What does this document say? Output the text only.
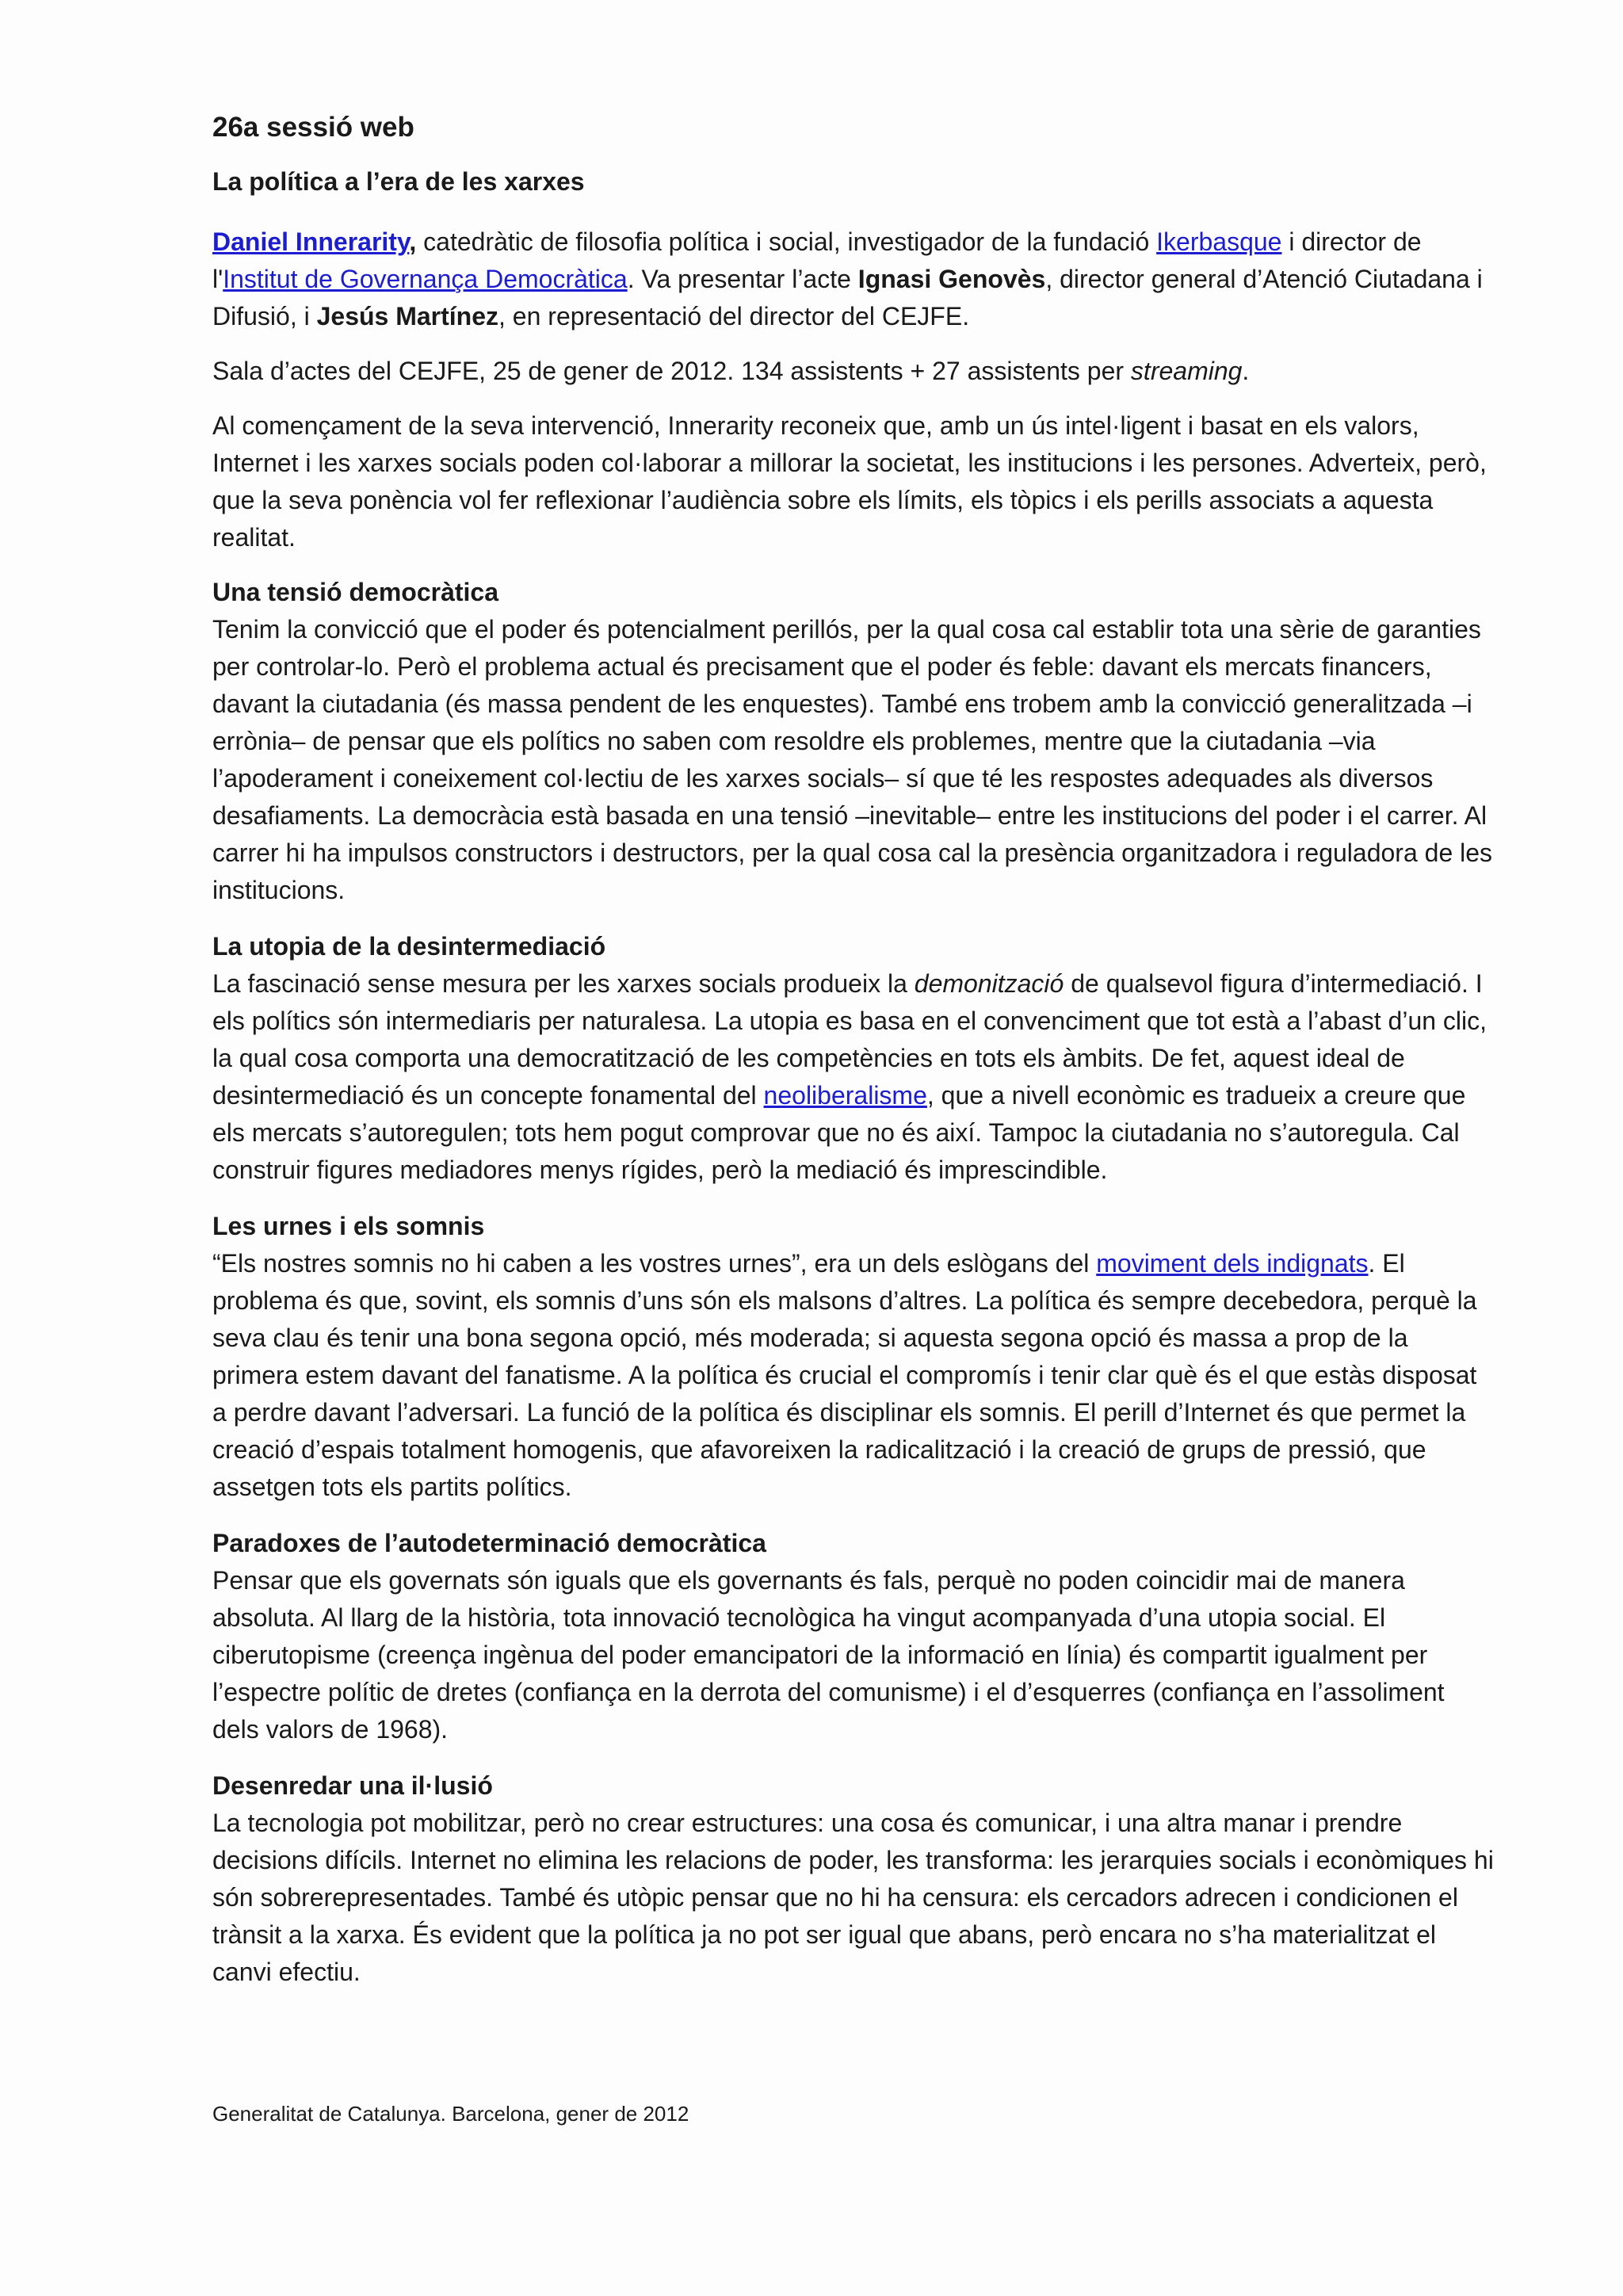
26a sessió web
La política a l’era de les xarxes

Daniel Innerarity, catedràtic de filosofia política i social, investigador de la fundació Ikerbasque i director de l'Institut de Governança Democràtica. Va presentar l’acte Ignasi Genovès, director general d’Atenció Ciutadana i Difusió, i Jesús Martínez, en representació del director del CEJFE.

Sala d’actes del CEJFE, 25 de gener de 2012. 134 assistents + 27 assistents per streaming.

Al començament de la seva intervenció, Innerarity reconeix que, amb un ús intel·ligent i basat en els valors, Internet i les xarxes socials poden col·laborar a millorar la societat, les institucions i les persones. Adverteix, però, que la seva ponència vol fer reflexionar l’audiència sobre els límits, els tòpics i els perills associats a aquesta realitat.

Una tensió democràtica
Tenim la convicció que el poder és potencialment perillós, per la qual cosa cal establir tota una sèrie de garanties per controlar-lo. Però el problema actual és precisament que el poder és feble: davant els mercats financers, davant la ciutadania (és massa pendent de les enquestes). També ens trobem amb la convicció generalitzada –i errònia– de pensar que els polítics no saben com resoldre els problemes, mentre que la ciutadania –via l’apoderament i coneixement col·lectiu de les xarxes socials– sí que té les respostes adequades als diversos desafiaments. La democràcia està basada en una tensió –inevitable– entre les institucions del poder i el carrer. Al carrer hi ha impulsos constructors i destructors, per la qual cosa cal la presència organitzadora i reguladora de les institucions.

La utopia de la desintermediació
La fascinació sense mesura per les xarxes socials produeix la demonització de qualsevol figura d’intermediació. I els polítics són intermediaris per naturalesa. La utopia es basa en el convenciment que tot està a l’abast d’un clic, la qual cosa comporta una democratització de les competències en tots els àmbits. De fet, aquest ideal de desintermediació és un concepte fonamental del neoliberalisme, que a nivell econòmic es tradueix a creure que els mercats s’autoregulen; tots hem pogut comprovar que no és així. Tampoc la ciutadania no s’autoregula. Cal construir figures mediadores menys rígides, però la mediació és imprescindible.

Les urnes i els somnis
“Els nostres somnis no hi caben a les vostres urnes”, era un dels eslògans del moviment dels indignats. El problema és que, sovint, els somnis d’uns són els malsons d’altres. La política és sempre decebedora, perquè la seva clau és tenir una bona segona opció, més moderada; si aquesta segona opció és massa a prop de la primera estem davant del fanatisme. A la política és crucial el compromís i tenir clar què és el que estàs disposat a perdre davant l’adversari. La funció de la política és disciplinar els somnis. El perill d’Internet és que permet la creació d’espais totalment homogenis, que afavoreixen la radicalització i la creació de grups de pressió, que assetgen tots els partits polítics.

Paradoxes de l’autodeterminació democràtica
Pensar que els governats són iguals que els governants és fals, perquè no poden coincidir mai de manera absoluta. Al llarg de la història, tota innovació tecnològica ha vingut acompanyada d’una utopia social. El ciberutopisme (creença ingènua del poder emancipatori de la informació en línia) és compartit igualment per l’espectre polític de dretes (confiança en la derrota del comunisme) i el d’esquerres (confiança en l’assoliment dels valors de 1968).

Desenredar una il·lusió
La tecnologia pot mobilitzar, però no crear estructures: una cosa és comunicar, i una altra manar i prendre decisions difícils. Internet no elimina les relacions de poder, les transforma: les jerarquies socials i econòmiques hi són sobrerepresentades. També és utòpic pensar que no hi ha censura: els cercadors adrecen i condicionen el trànsit a la xarxa. És evident que la política ja no pot ser igual que abans, però encara no s’ha materialitzat el canvi efectiu.

Generalitat de Catalunya. Barcelona, gener de 2012
